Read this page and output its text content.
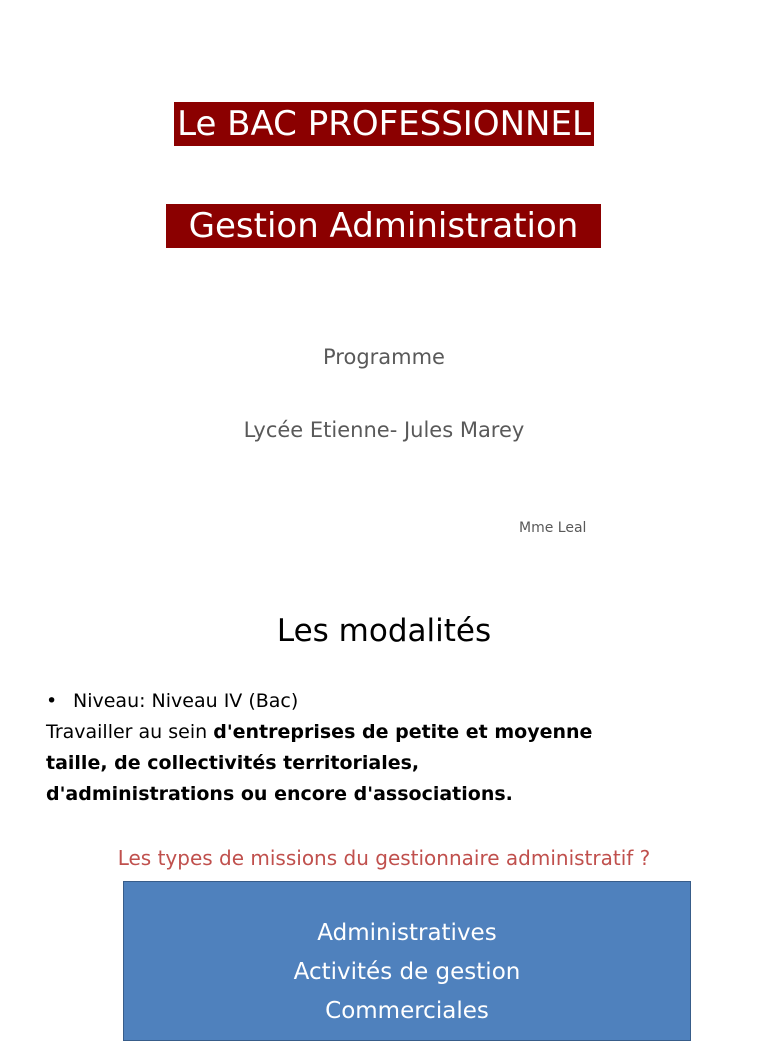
Le BAC PROFESSIONNEL
Gestion Administration
Programme
Lycée Etienne- Jules Marey
Mme Leal
Les modalités
• Niveau: Niveau IV (Bac)
Travailler au sein d'entreprises de petite et moyenne taille, de collectivités territoriales, d'administrations ou encore d'associations.
Les types de missions du gestionnaire administratif ?
Administratives
Activités de gestion
Commerciales
